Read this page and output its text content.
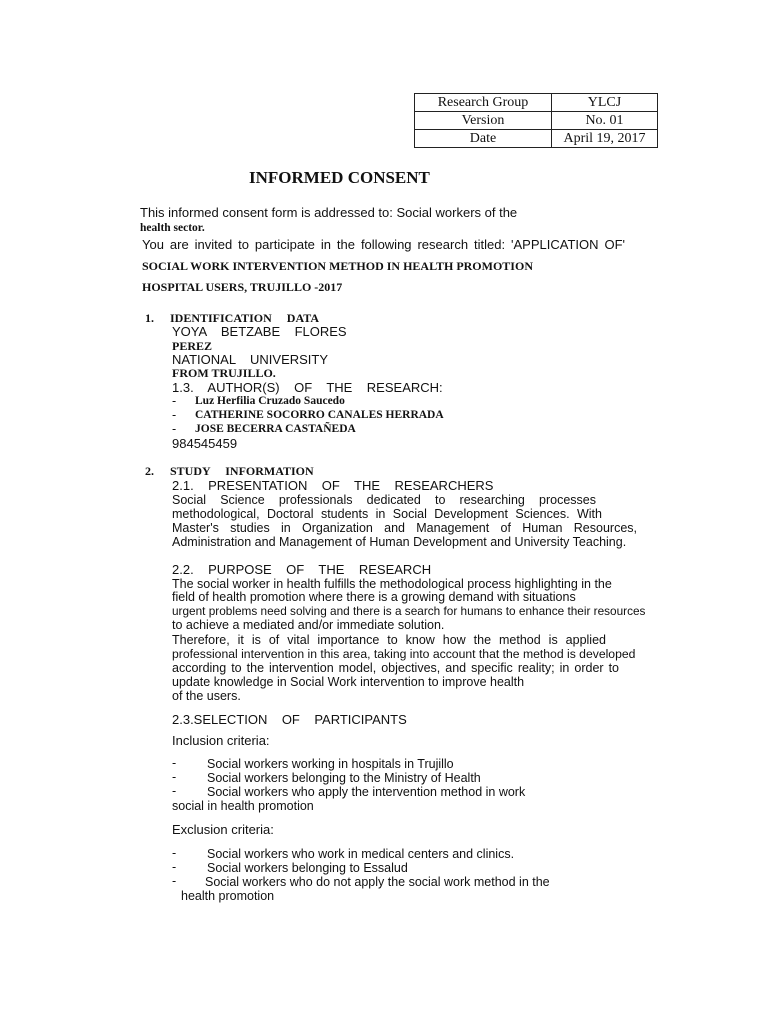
Research Group	YLCJ
Version	No. 01
Date	April 19, 2017
INFORMED CONSENT
This informed consent form is addressed to: Social workers of the
health sector.
You are invited to participate in the following research titled: 'APPLICATION OF'
SOCIAL WORK INTERVENTION METHOD IN HEALTH PROMOTION
HOSPITAL USERS, TRUJILLO -2017
1. IDENTIFICATION     DATA
YOYA    BETZABE    FLORES
PEREZ
NATIONAL    UNIVERSITY
FROM TRUJILLO.
1.3.    AUTHOR(S)    OF    THE    RESEARCH:
- Luz Herfilia Cruzado Saucedo
- CATHERINE SOCORRO CANALES HERRADA
- JOSE BECERRA CASTAÑEDA
984545459
2. STUDY     INFORMATION
2.1.    PRESENTATION    OF    THE    RESEARCHERS
Social Science professionals dedicated to researching processes
methodological, Doctoral students in Social Development Sciences. With
Master's studies in Organization and Management of Human Resources,
Administration and Management of Human Development and University Teaching.
2.2.    PURPOSE    OF    THE    RESEARCH
The social worker in health fulfills the methodological process highlighting in the
field of health promotion where there is a growing demand with situations
urgent problems need solving and there is a search for humans to enhance their resources
to achieve a mediated and/or immediate solution.
Therefore, it is of vital importance to know how the method is applied
professional intervention in this area, taking into account that the method is developed
according to the intervention model, objectives, and specific reality; in order to
update knowledge in Social Work intervention to improve health
of the users.
2.3.SELECTION    OF    PARTICIPANTS
Inclusion criteria:
- Social workers working in hospitals in Trujillo
- Social workers belonging to the Ministry of Health
- Social workers who apply the intervention method in work
social in health promotion
Exclusion criteria:
- Social workers who work in medical centers and clinics.
- Social workers belonging to Essalud
- Social workers who do not apply the social work method in the
health promotion
